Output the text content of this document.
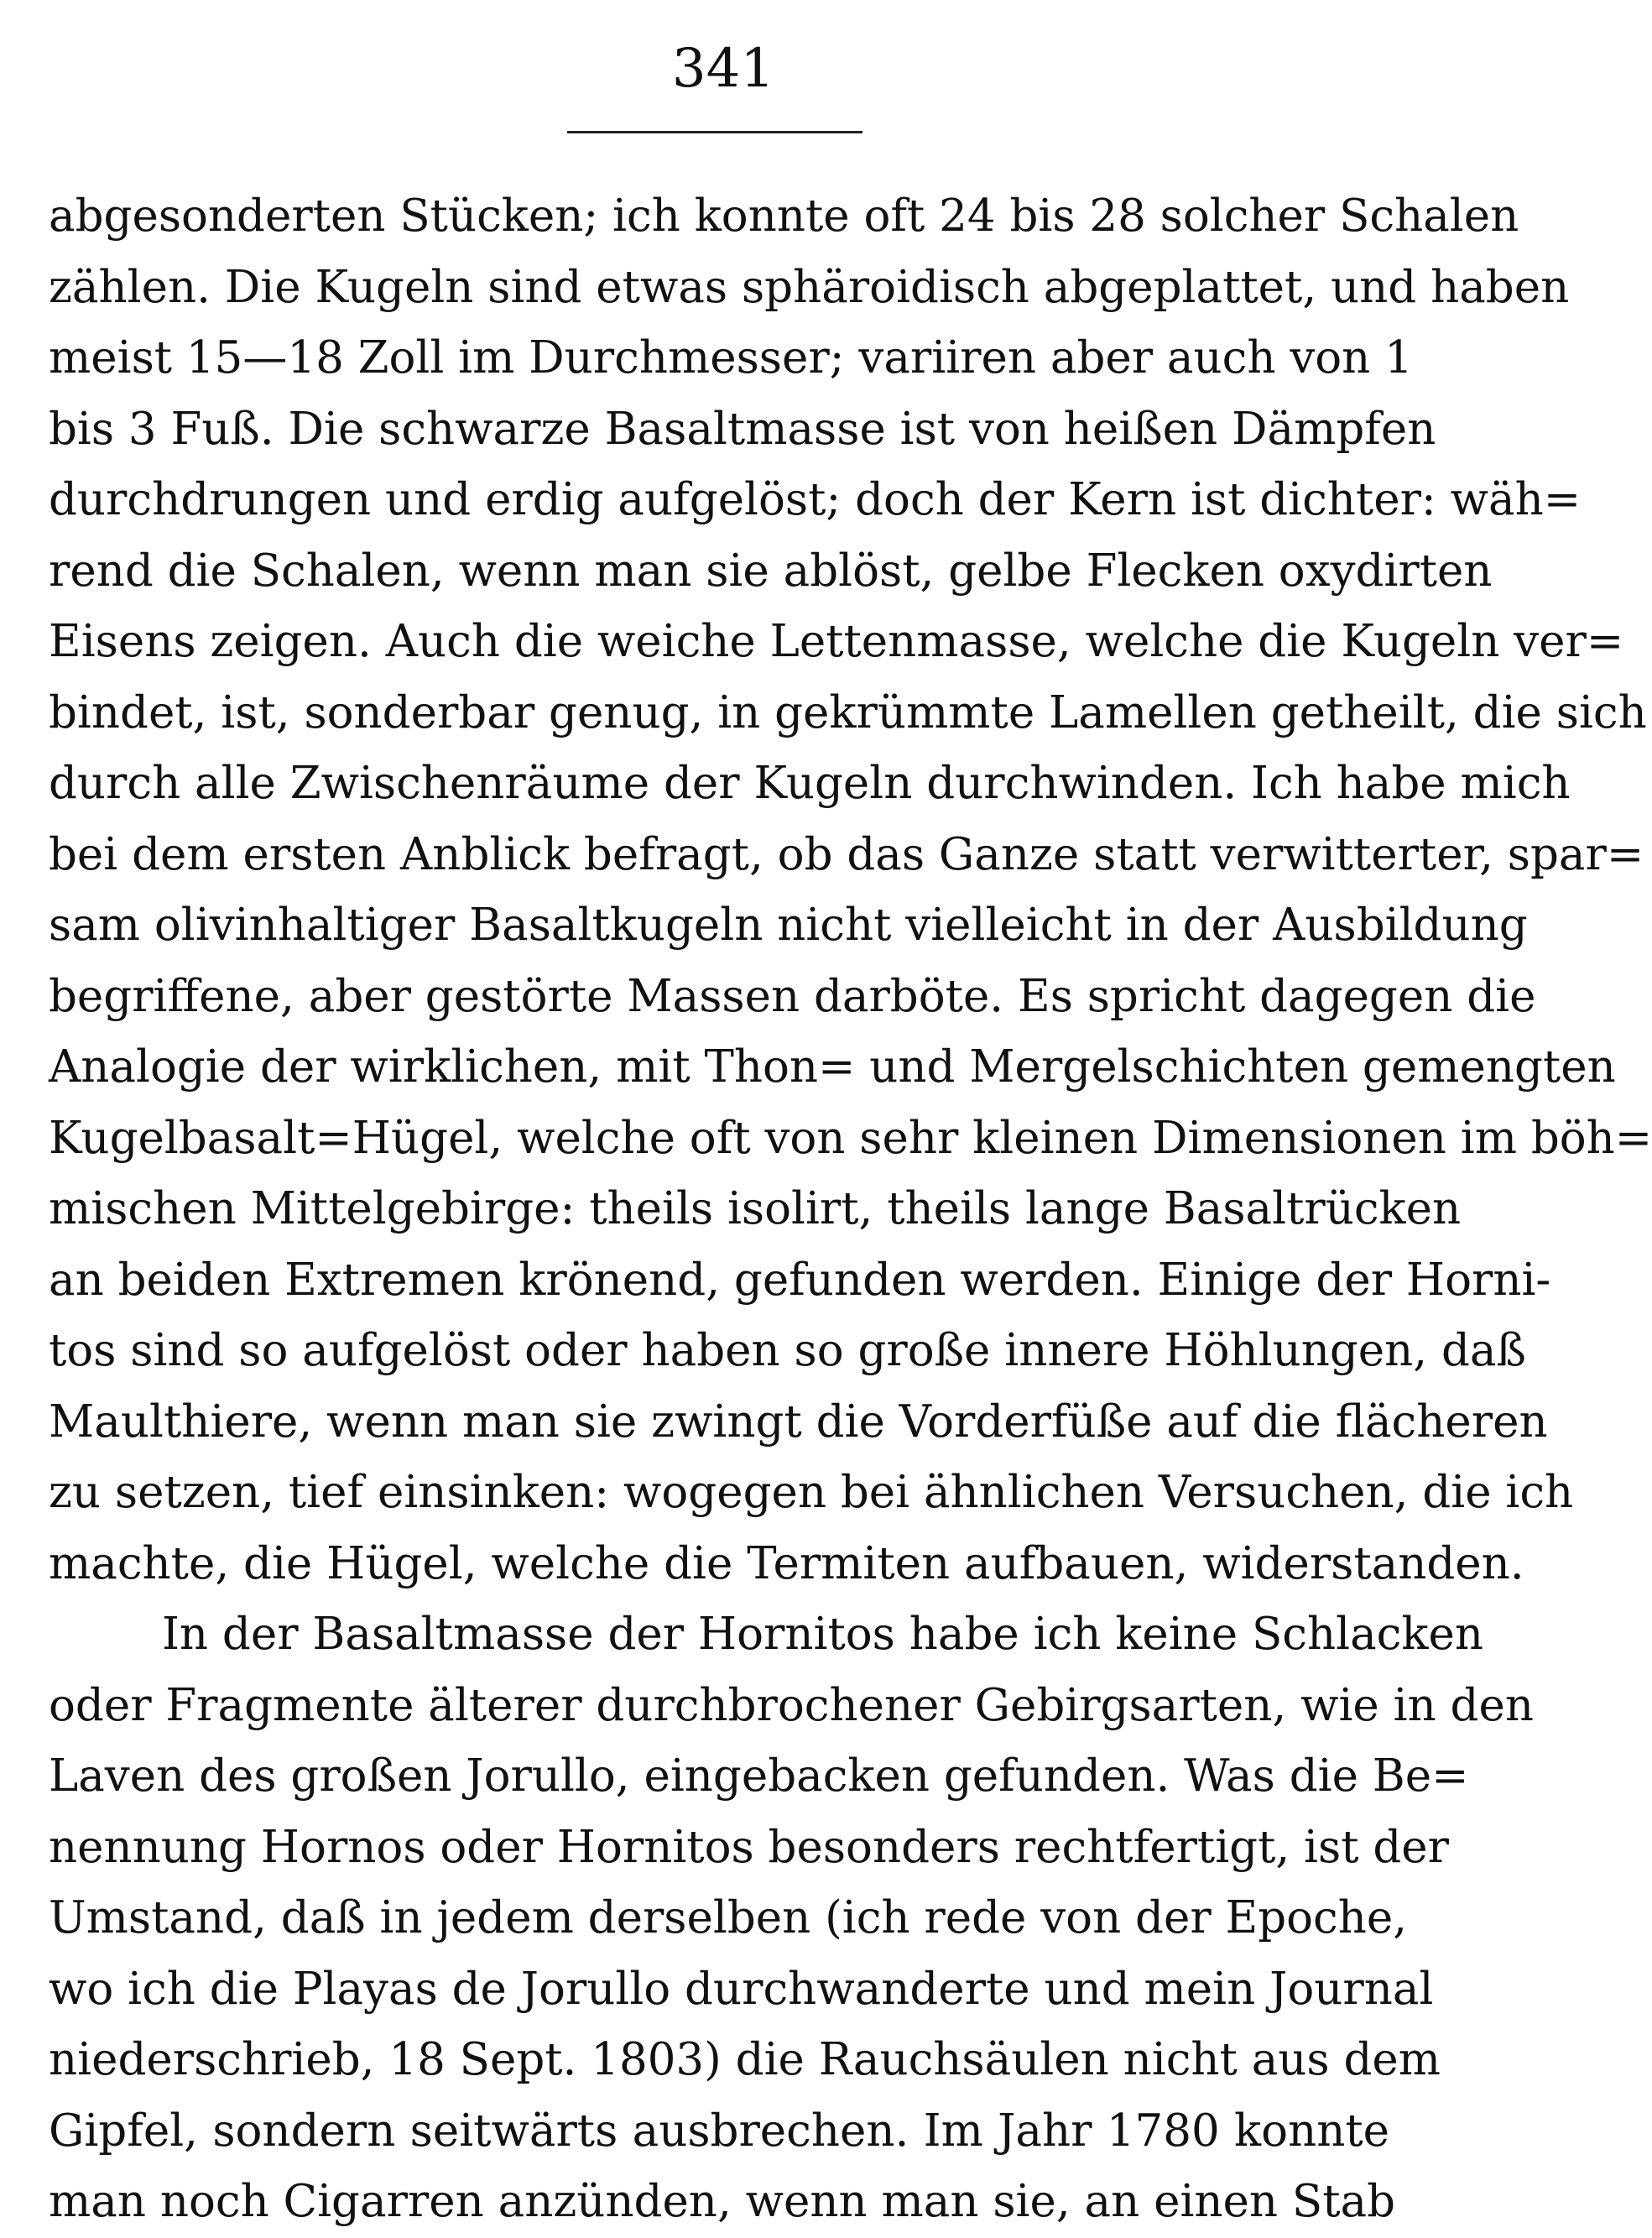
341
abgesonderten Stücken; ich konnte oft 24 bis 28 solcher Schalen
zählen. Die Kugeln sind etwas sphäroidisch abgeplattet, und haben
meist 15—18 Zoll im Durchmesser; variiren aber auch von 1
bis 3 Fuß. Die schwarze Basaltmasse ist von heißen Dämpfen
durchdrungen und erdig aufgelöst; doch der Kern ist dichter: wäh=
rend die Schalen, wenn man sie ablöst, gelbe Flecken oxydirten
Eisens zeigen. Auch die weiche Lettenmasse, welche die Kugeln ver=
bindet, ist, sonderbar genug, in gekrümmte Lamellen getheilt, die sich
durch alle Zwischenräume der Kugeln durchwinden. Ich habe mich
bei dem ersten Anblick befragt, ob das Ganze statt verwitterter, spar=
sam olivinhaltiger Basaltkugeln nicht vielleicht in der Ausbildung
begriffene, aber gestörte Massen darböte. Es spricht dagegen die
Analogie der wirklichen, mit Thon= und Mergelschichten gemengten
Kugelbasalt=Hügel, welche oft von sehr kleinen Dimensionen im böh=
mischen Mittelgebirge: theils isolirt, theils lange Basaltrücken
an beiden Extremen krönend, gefunden werden. Einige der Horni-
tos sind so aufgelöst oder haben so große innere Höhlungen, daß
Maulthiere, wenn man sie zwingt die Vorderfüße auf die flächeren
zu setzen, tief einsinken: wogegen bei ähnlichen Versuchen, die ich
machte, die Hügel, welche die Termiten aufbauen, widerstanden.
In der Basaltmasse der Hornitos habe ich keine Schlacken
oder Fragmente älterer durchbrochener Gebirgsarten, wie in den
Laven des großen Jorullo, eingebacken gefunden. Was die Be=
nennung Hornos oder Hornitos besonders rechtfertigt, ist der
Umstand, daß in jedem derselben (ich rede von der Epoche,
wo ich die Playas de Jorullo durchwanderte und mein Journal
niederschrieb, 18 Sept. 1803) die Rauchsäulen nicht aus dem
Gipfel, sondern seitwärts ausbrechen. Im Jahr 1780 konnte
man noch Cigarren anzünden, wenn man sie, an einen Stab
